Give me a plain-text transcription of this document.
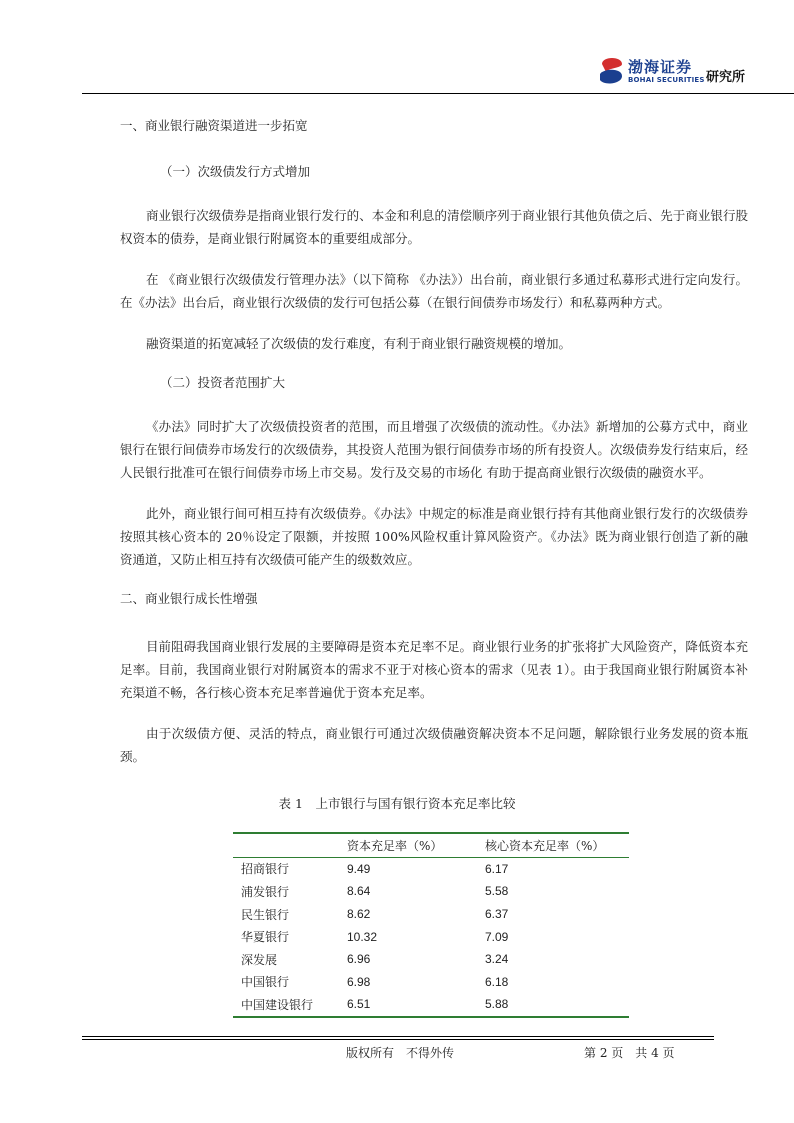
渤海证券
BOHAI SECURITIES 研究所
一、商业银行融资渠道进一步拓宽
（一）次级债发行方式增加

商业银行次级债券是指商业银行发行的、本金和利息的清偿顺序列于商业银行其他负债之后、先于商业银行股权资本的债券，是商业银行附属资本的重要组成部分。

在 《商业银行次级债发行管理办法》（以下简称 《办法》）出台前，商业银行多通过私募形式进行定向发行。在《办法》出台后，商业银行次级债的发行可包括公募（在银行间债券市场发行）和私募两种方式。

融资渠道的拓宽减轻了次级债的发行难度，有利于商业银行融资规模的增加。

（二）投资者范围扩大

《办法》同时扩大了次级债投资者的范围，而且增强了次级债的流动性。《办法》新增加的公募方式中，商业银行在银行间债券市场发行的次级债券，其投资人范围为银行间债券市场的所有投资人。次级债券发行结束后，经人民银行批准可在银行间债券市场上市交易。发行及交易的市场化 有助于提高商业银行次级债的融资水平。

此外，商业银行间可相互持有次级债券。《办法》中规定的标准是商业银行持有其他商业银行发行的次级债券按照其核心资本的 20％设定了限额，并按照 100%风险权重计算风险资产。《办法》既为商业银行创造了新的融资通道，又防止相互持有次级债可能产生的级数效应。

二、商业银行成长性增强

目前阻碍我国商业银行发展的主要障碍是资本充足率不足。商业银行业务的扩张将扩大风险资产，降低资本充足率。目前，我国商业银行对附属资本的需求不亚于对核心资本的需求（见表 1）。由于我国商业银行附属资本补充渠道不畅，各行核心资本充足率普遍优于资本充足率。

由于次级债方便、灵活的特点，商业银行可通过次级债融资解决资本不足问题，解除银行业务发展的资本瓶颈。

表 1　上市银行与国有银行资本充足率比较
	资本充足率（%）	核心资本充足率（%）
招商银行	9.49	6.17
浦发银行	8.64	5.58
民生银行	8.62	6.37
华夏银行	10.32	7.09
深发展	6.96	3.24
中国银行	6.98	6.18
中国建设银行	6.51	5.88
版权所有　不得外传	第 2 页　共 4 页
